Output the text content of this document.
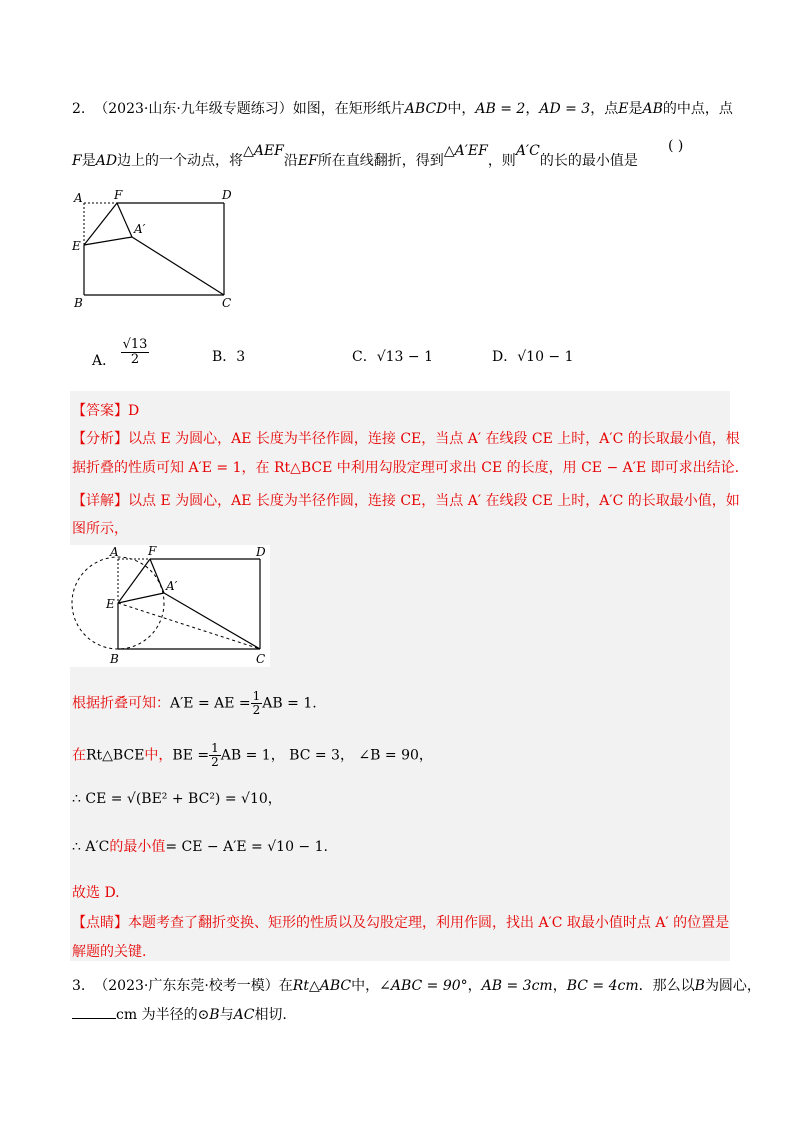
2. （2023·山东·九年级专题练习）如图，在矩形纸片ABCD中，AB = 2，AD = 3，点E是AB的中点，点
F是AD边上的一个动点，将△AEF沿EF所在直线翻折，得到△A′EF，则A′C的长的最小值是
( )
A	F	D
E
A′
B	C
A． $\frac{√13}{2}$	B．3	C．√13 − 1	D．√10 − 1
【答案】D
【分析】以点 E 为圆心，AE 长度为半径作圆，连接 CE，当点 A′ 在线段 CE 上时，A′C 的长取最小值，根
据折叠的性质可知 A′E = 1，在 Rt△BCE 中利用勾股定理可求出 CE 的长度，用 CE − A′E 即可求出结论.
【详解】以点 E 为圆心，AE 长度为半径作圆，连接 CE，当点 A′ 在线段 CE 上时，A′C 的长取最小值，如
图所示，
A F	D
E
A′
B	C
根据折叠可知：A′E = AE = $\frac{1}{2}$ AB = 1.
在Rt△BCE中，BE = $\frac{1}{2}$ AB = 1， BC = 3， ∠B = 90，
∴ CE = √(BE² + BC²) = √10，
∴ A′C的最小值= CE − A′E = √10 − 1.
故选 D.
【点睛】本题考查了翻折变换、矩形的性质以及勾股定理，利用作圆，找出 A′C 取最小值时点 A′ 的位置是
解题的关键.
3. （2023·广东东莞·校考一模）在Rt△ABC中，∠ABC = 90°，AB = 3cm，BC = 4cm．那么以B为圆心，
cm 为半径的⊙B与AC相切.
